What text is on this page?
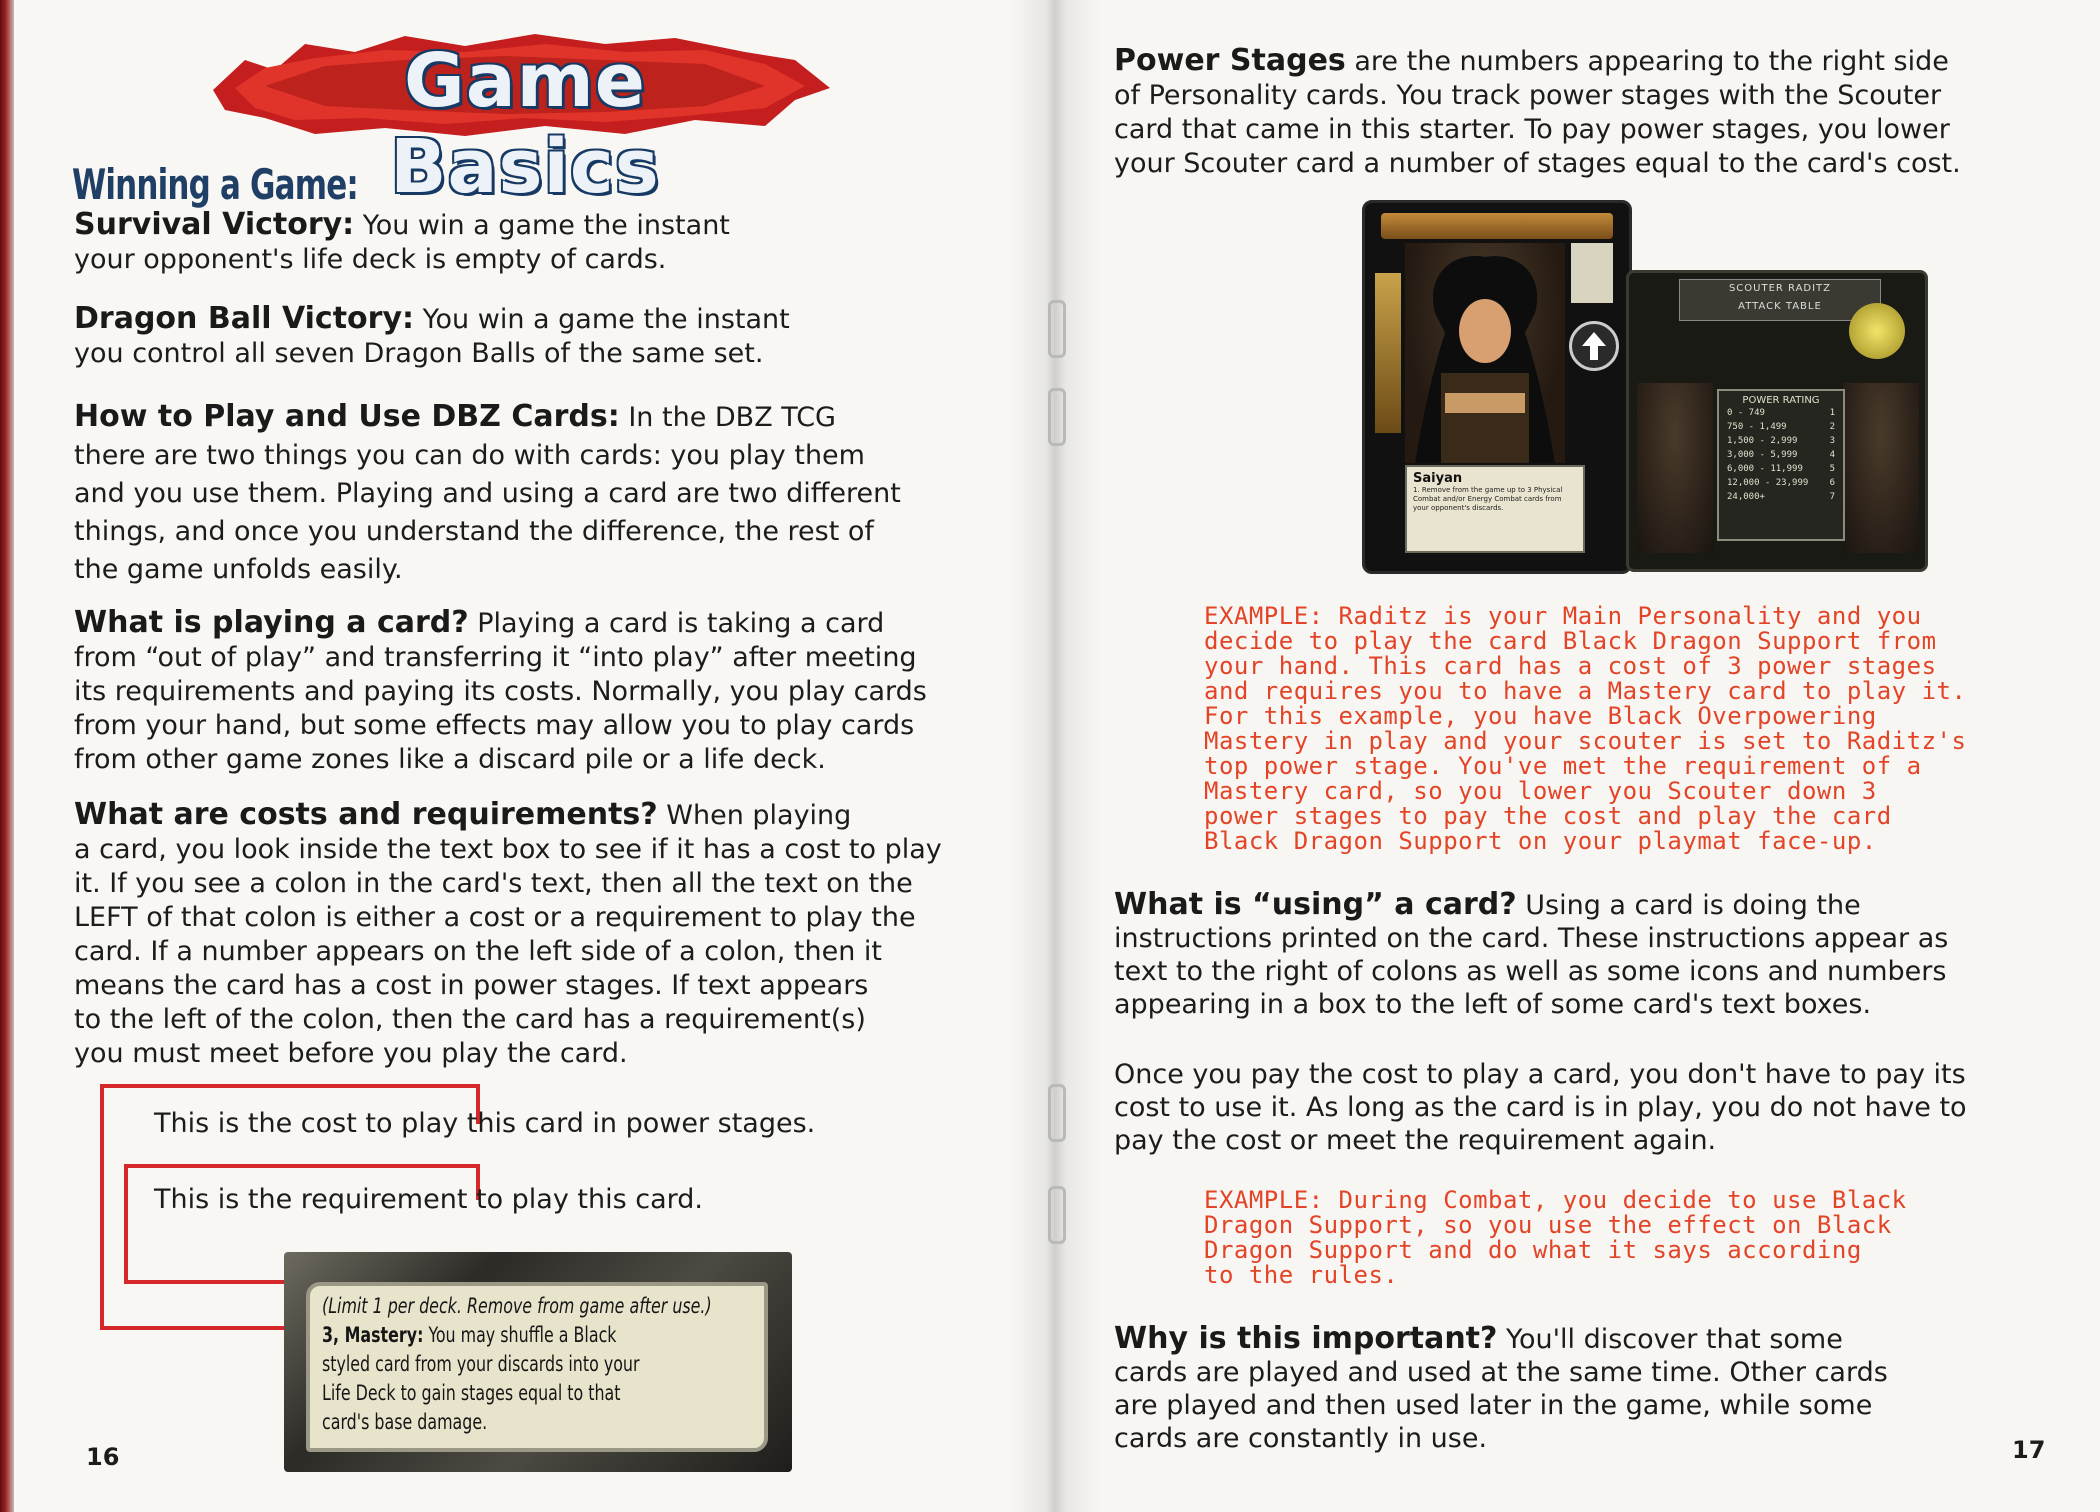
Game Basics
Winning a Game:
Survival Victory: You win a game the instant
your opponent's life deck is empty of cards.
Dragon Ball Victory: You win a game the instant
you control all seven Dragon Balls of the same set.
How to Play and Use DBZ Cards: In the DBZ TCG
there are two things you can do with cards: you play them
and you use them. Playing and using a card are two different
things, and once you understand the difference, the rest of
the game unfolds easily.
What is playing a card? Playing a card is taking a card
from “out of play” and transferring it “into play” after meeting
its requirements and paying its costs. Normally, you play cards
from your hand, but some effects may allow you to play cards
from other game zones like a discard pile or a life deck.
What are costs and requirements? When playing
a card, you look inside the text box to see if it has a cost to play
it. If you see a colon in the card's text, then all the text on the
LEFT of that colon is either a cost or a requirement to play the
card. If a number appears on the left side of a colon, then it
means the card has a cost in power stages. If text appears
to the left of the colon, then the card has a requirement(s)
you must meet before you play the card.
This is the cost to play this card in power stages.
This is the requirement to play this card.
(Limit 1 per deck. Remove from game after use.)
3, Mastery: You may shuffle a Black
styled card from your discards into your
Life Deck to gain stages equal to that
card's base damage.
16
Power Stages are the numbers appearing to the right side
of Personality cards. You track power stages with the Scouter
card that came in this starter. To pay power stages, you lower
your Scouter card a number of stages equal to the card's cost.
Saiyan
1. Remove from the game up to 3 Physical Combat and/or Energy Combat cards from your opponent's discards.
SCOUTER RADITZ
ATTACK TABLE
POWER RATING
0 - 749	1
750 - 1,499	2
1,500 - 2,999	3
3,000 - 5,999	4
6,000 - 11,999	5
12,000 - 23,999 6
24,000+	7
EXAMPLE: Raditz is your Main Personality and you
decide to play the card Black Dragon Support from
your hand. This card has a cost of 3 power stages
and requires you to have a Mastery card to play it.
For this example, you have Black Overpowering
Mastery in play and your scouter is set to Raditz's
top power stage. You've met the requirement of a
Mastery card, so you lower you Scouter down 3
power stages to pay the cost and play the card
Black Dragon Support on your playmat face-up.
What is “using” a card? Using a card is doing the
instructions printed on the card. These instructions appear as
text to the right of colons as well as some icons and numbers
appearing in a box to the left of some card's text boxes.
Once you pay the cost to play a card, you don't have to pay its
cost to use it. As long as the card is in play, you do not have to
pay the cost or meet the requirement again.
EXAMPLE: During Combat, you decide to use Black
Dragon Support, so you use the effect on Black
Dragon Support and do what it says according
to the rules.
Why is this important? You'll discover that some
cards are played and used at the same time. Other cards
are played and then used later in the game, while some
cards are constantly in use.	17
